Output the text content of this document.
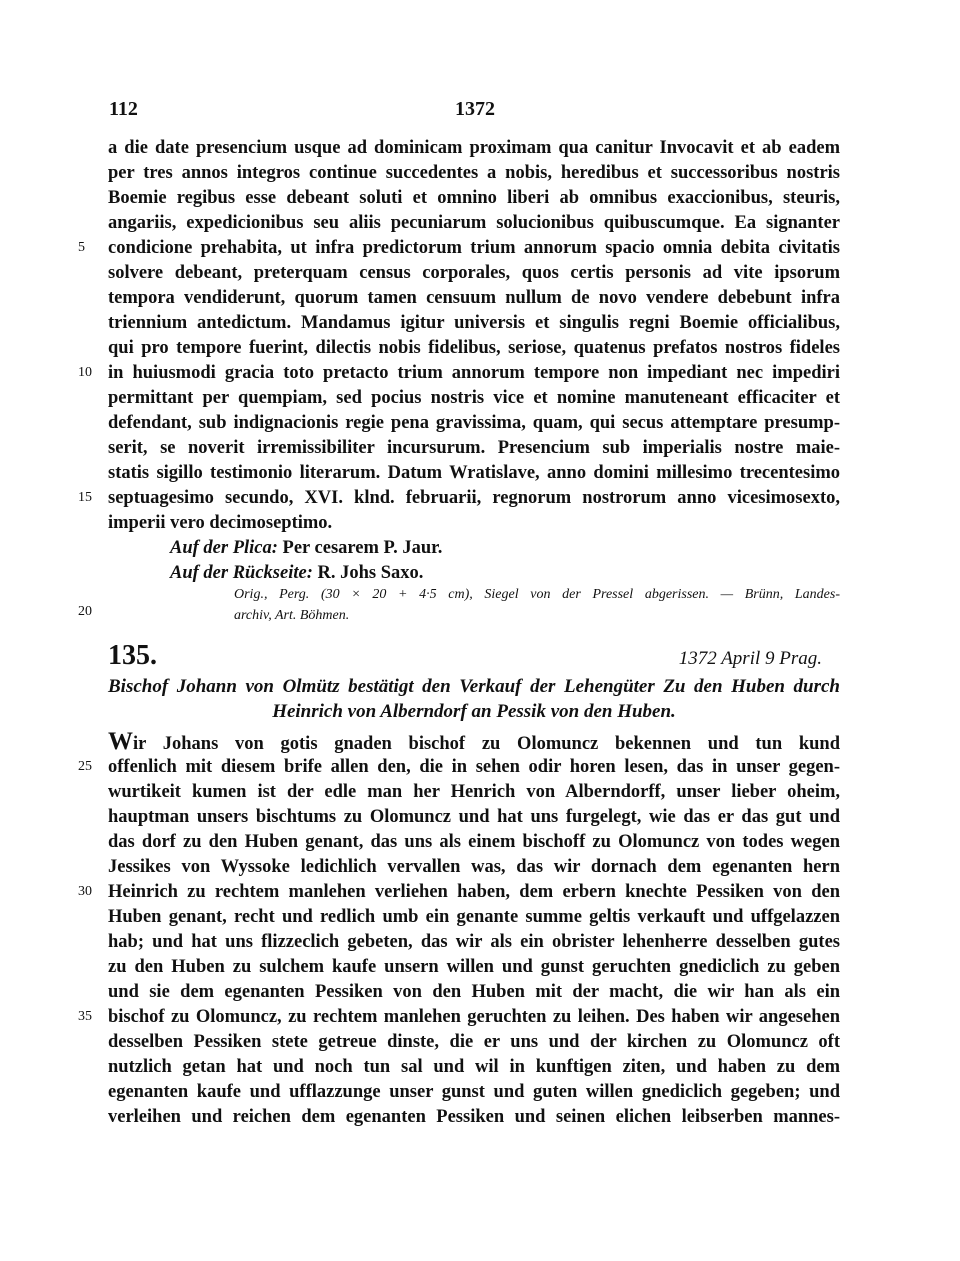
112	1372
a die date presencium usque ad dominicam proximam qua canitur Invocavit et ab eadem
per tres annos integros continue succedentes a nobis, heredibus et successoribus nostris
Boemie regibus esse debeant soluti et omnino liberi ab omnibus exaccionibus, steuris,
angariis, expedicionibus seu aliis pecuniarum solucionibus quibuscumque. Ea signanter
condicione prehabita, ut infra predictorum trium annorum spacio omnia debita civitatis
solvere debeant, preterquam census corporales, quos certis personis ad vite ipsorum
tempora vendiderunt, quorum tamen censuum nullum de novo vendere debebunt infra
triennium antedictum. Mandamus igitur universis et singulis regni Boemie officialibus,
qui pro tempore fuerint, dilectis nobis fidelibus, seriose, quatenus prefatos nostros fideles
in huiusmodi gracia toto pretacto trium annorum tempore non impediant nec impediri
permittant per quempiam, sed pocius nostris vice et nomine manuteneant efficaciter et
defendant, sub indignacionis regie pena gravissima, quam, qui secus attemptare presump-
serit, se noverit irremissibiliter incursurum. Presencium sub imperialis nostre maie-
statis sigillo testimonio literarum. Datum Wratislave, anno domini millesimo trecentesimo
septuagesimo secundo, XVI. klnd. februarii, regnorum nostrorum anno vicesimosexto,
imperii vero decimoseptimo.
5
10
15
Auf der Plica: Per cesarem P. Jaur.
Auf der Rückseite: R. Johs Saxo.
Orig., Perg. (30 × 20 + 4·5 cm), Siegel von der Pressel abgerissen. — Brünn, Landes-
archiv, Art. Böhmen.
20
135.	1372 April 9 Prag.
Bischof Johann von Olmütz bestätigt den Verkauf der Lehengüter Zu den Huben durch
Heinrich von Alberndorf an Pessik von den Huben.
Wir Johans von gotis gnaden bischof zu Olomuncz bekennen und tun kund
offenlich mit diesem brife allen den, die in sehen odir horen lesen, das in unser gegen-
wurtikeit kumen ist der edle man her Henrich von Alberndorff, unser lieber oheim,
hauptman unsers bischtums zu Olomuncz und hat uns furgelegt, wie das er das gut und
das dorf zu den Huben genant, das uns als einem bischoff zu Olomuncz von todes wegen
Jessikes von Wyssoke ledichlich vervallen was, das wir dornach dem egenanten hern
Heinrich zu rechtem manlehen verliehen haben, dem erbern knechte Pessiken von den
Huben genant, recht und redlich umb ein genante summe geltis verkauft und uffgelazzen
hab; und hat uns flizzeclich gebeten, das wir als ein obrister lehenherre desselben gutes
zu den Huben zu sulchem kaufe unsern willen und gunst geruchten gnediclich zu geben
und sie dem egenanten Pessiken von den Huben mit der macht, die wir han als ein
bischof zu Olomuncz, zu rechtem manlehen geruchten zu leihen. Des haben wir angesehen
desselben Pessiken stete getreue dinste, die er uns und der kirchen zu Olomuncz oft
nutzlich getan hat und noch tun sal und wil in kunftigen ziten, und haben zu dem
egenanten kaufe und ufflazzunge unser gunst und guten willen gnediclich gegeben; und
verleihen und reichen dem egenanten Pessiken und seinen elichen leibserben mannes-
25
30
35
